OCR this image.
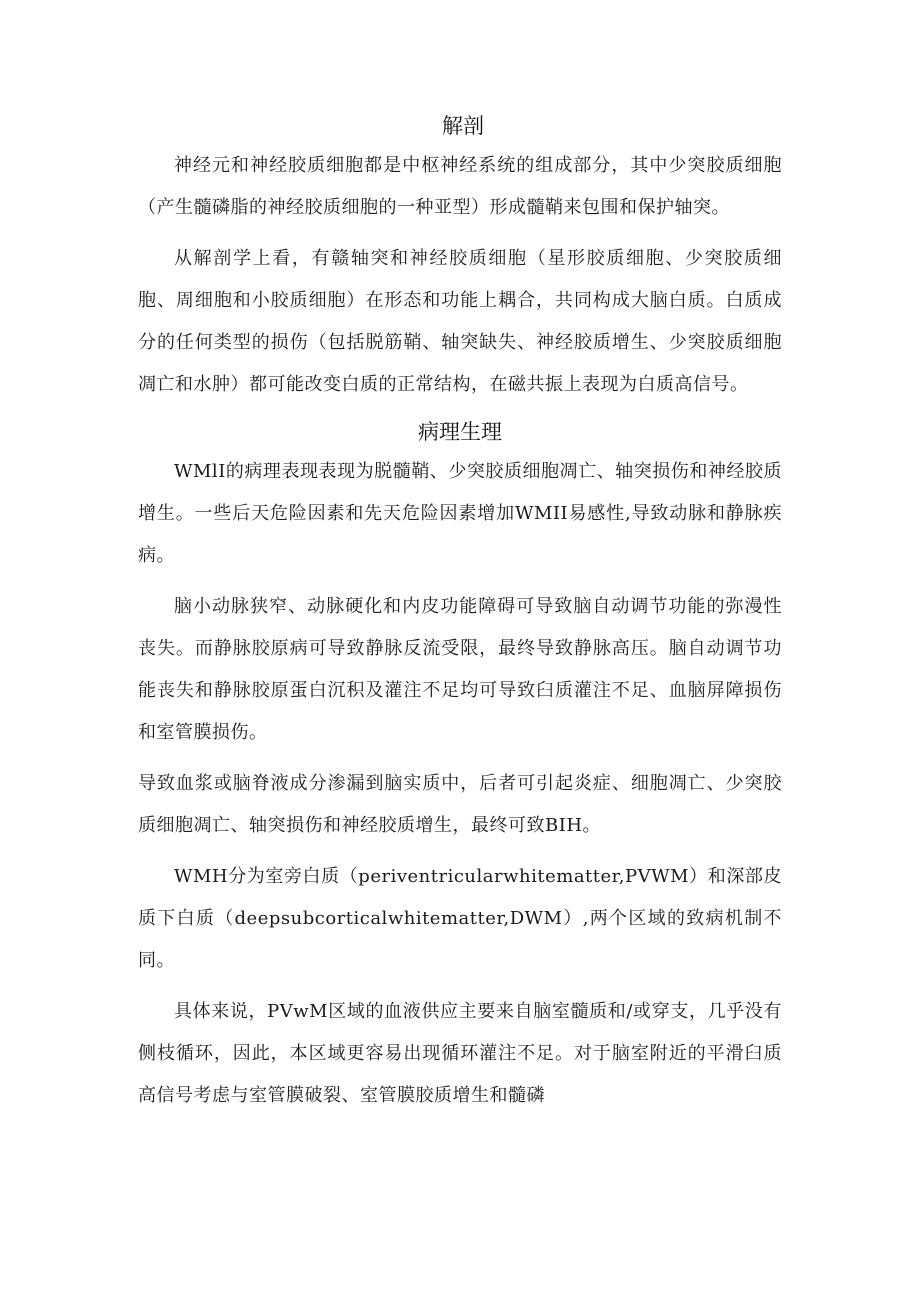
解剖

神经元和神经胶质细胞都是中枢神经系统的组成部分，其中少突胶质细胞（产生髓磷脂的神经胶质细胞的一种亚型）形成髓鞘来包围和保护轴突。

从解剖学上看，有赣轴突和神经胶质细胞（星形胶质细胞、少突胶质细胞、周细胞和小胶质细胞）在形态和功能上耦合，共同构成大脑白质。白质成分的任何类型的损伤（包括脱筋鞘、轴突缺失、神经胶质增生、少突胶质细胞凋亡和水肿）都可能改变白质的正常结构，在磁共振上表现为白质高信号。

病理生理

WMlI的病理表现表现为脱髓鞘、少突胶质细胞凋亡、轴突损伤和神经胶质增生。一些后天危险因素和先天危险因素增加WMII易感性,导致动脉和静脉疾病。

脑小动脉狭窄、动脉硬化和内皮功能障碍可导致脑自动调节功能的弥漫性丧失。而静脉胶原病可导致静脉反流受限，最终导致静脉高压。脑自动调节功能丧失和静脉胶原蛋白沉积及灌注不足均可导致臼质灌注不足、血脑屏障损伤和室管膜损伤。

导致血浆或脑脊液成分渗漏到脑实质中，后者可引起炎症、细胞凋亡、少突胶质细胞凋亡、轴突损伤和神经胶质增生，最终可致BIH。

WMH分为室旁白质（periventricularwhitematter,PVWM）和深部皮质下白质（deepsubcorticalwhitematter,DWM）,两个区域的致病机制不同。

具体来说，PVwM区域的血液供应主要来自脑室髓质和/或穿支，几乎没有侧枝循环，因此，本区域更容易出现循环灌注不足。对于脑室附近的平滑臼质高信号考虑与室管膜破裂、室管膜胶质增生和髓磷
